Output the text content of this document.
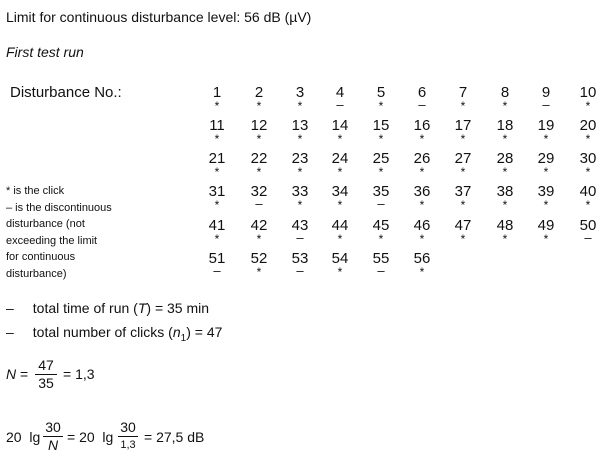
Limit for continuous disturbance level: 56 dB (µV)
First test run
Disturbance No.:	1
*
2
*
3
*
4
–
5
*
6
–
7
*
8
*
9
–
10
*
11
*
12
*
13
*
14
*
15
*
16
*
17
*
18
*
19
*
20
*
21
*
22
*
23
*
24
*
25
*
26
*
27
*
28
*
29
*
30
*
31
*
32
–
33
*
34
*
35
–
36
*
37
*
38
*
39
*
40
*
41
*
42
*
43
–
44
*
45
*
46
*
47
*
48
*
49
*
50
–
51
–
52
*
53
–
54
*
55
–
56
*
* is the click
– is the discontinuous
disturbance (not
exceeding the limit
for continuous
disturbance)
– total time of run (T) = 35 min
– total number of clicks $(n_1) = 47$
$N = \frac{47}{35} = 1,3$
20  $\lg \frac{30}{N} = 20$  lg
30
1,3 = 27,5 dB
